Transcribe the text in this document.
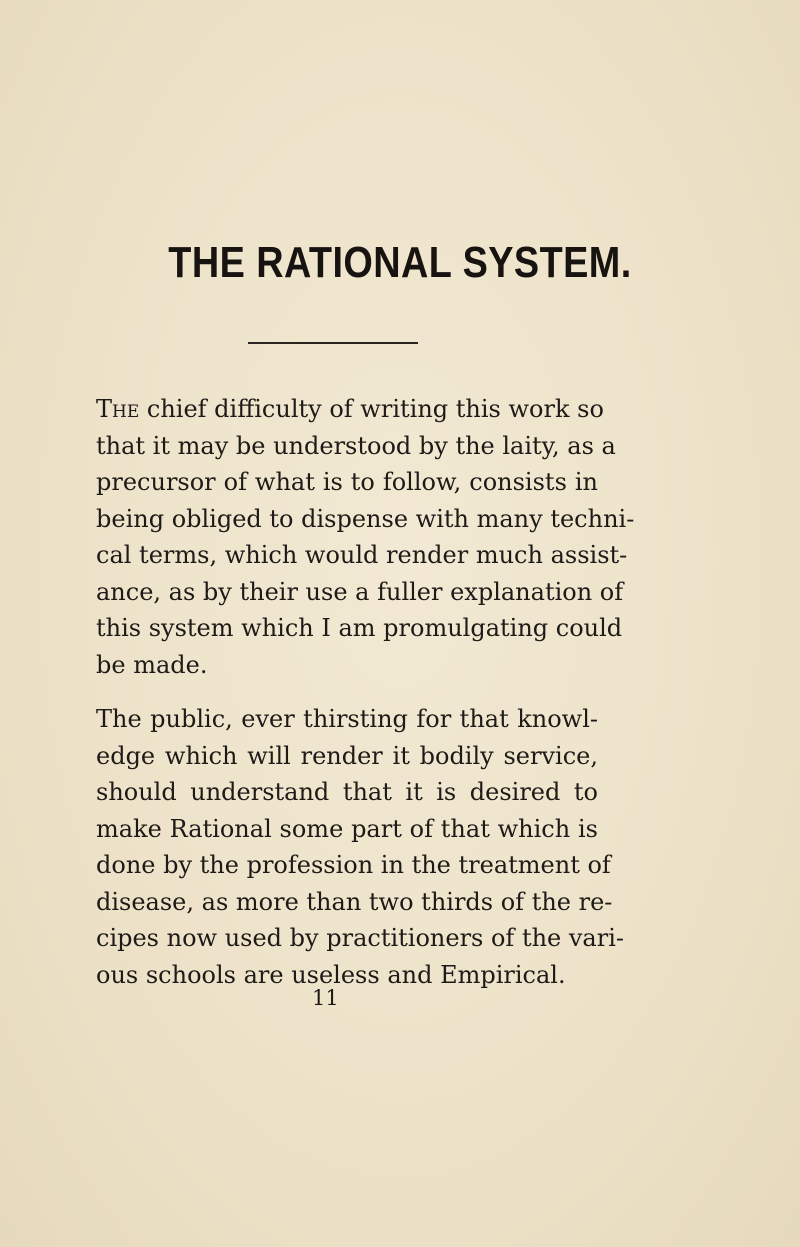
THE RATIONAL SYSTEM.
The chief difficulty of writing this work so
that it may be understood by the laity, as a
precursor of what is to follow, consists in
being obliged to dispense with many techni-
cal terms, which would render much assist-
ance, as by their use a fuller explanation of
this system which I am promulgating could
be made.
The public, ever thirsting for that knowl-
edge which will render it bodily service,
should understand that it is desired to
make Rational some part of that which is
done by the profession in the treatment of
disease, as more than two thirds of the re-
cipes now used by practitioners of the vari-
ous schools are useless and Empirical.
11
